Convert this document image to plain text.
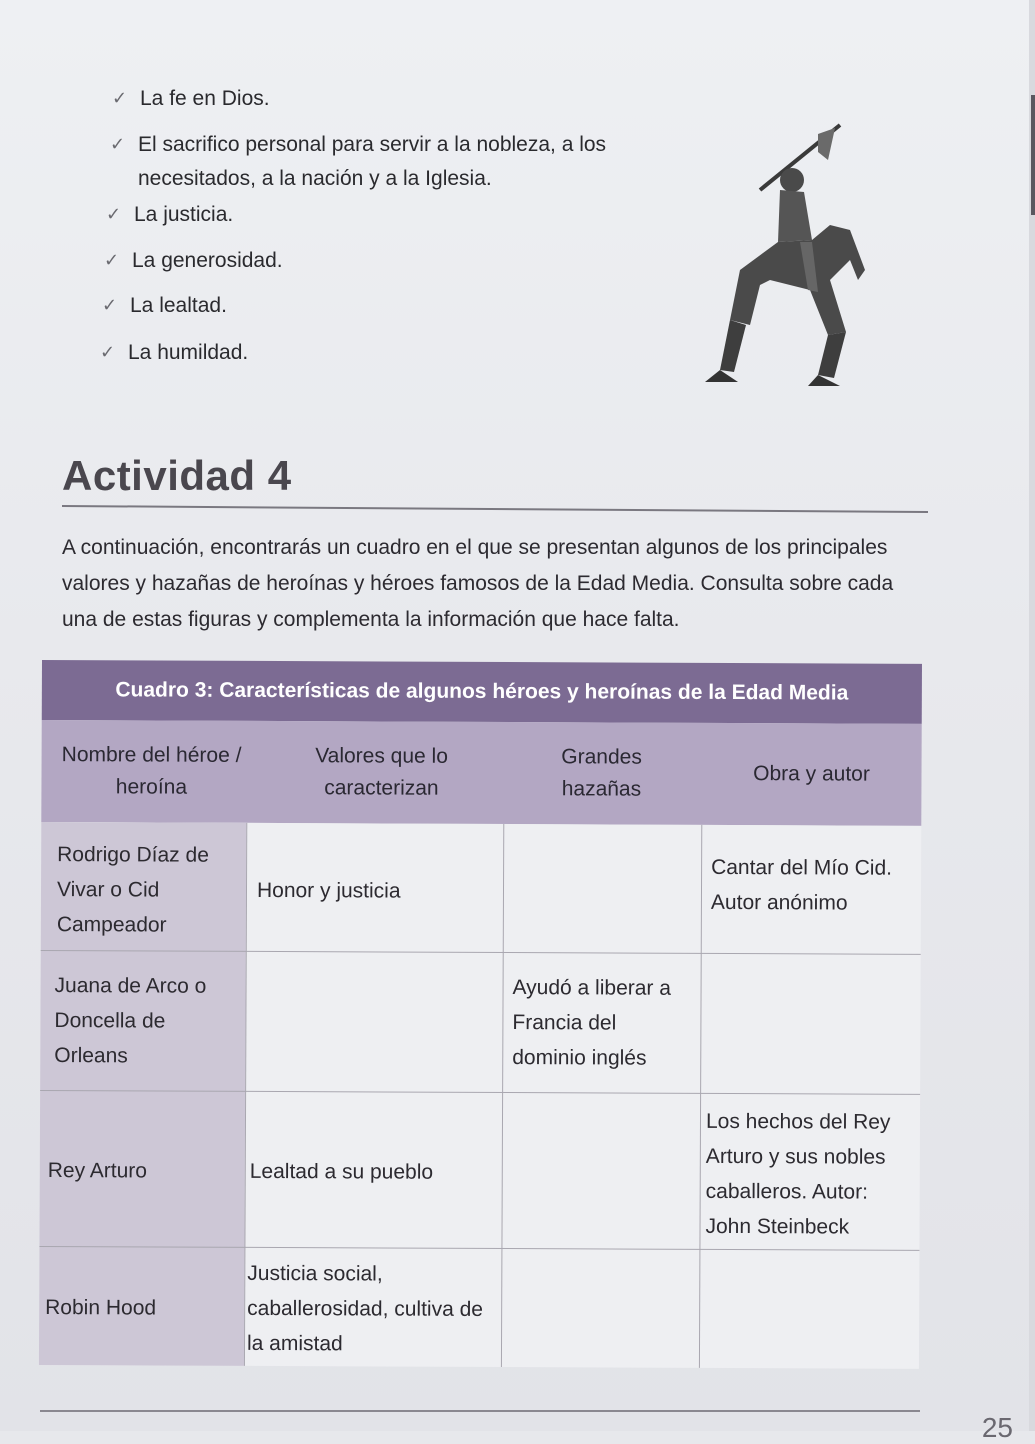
✓ La fe en Dios.
✓ El sacrifico personal para servir a la nobleza, a los necesitados, a la nación y a la Iglesia.
✓ La justicia.
✓ La generosidad.
✓ La lealtad.
✓ La humildad.
Actividad 4
A continuación, encontrarás un cuadro en el que se presentan algunos de los principales valores y hazañas de heroínas y héroes famosos de la Edad Media. Consulta sobre cada una de estas figuras y complementa la información que hace falta.
Cuadro 3: Características de algunos héroes y heroínas de la Edad Media
Nombre del héroe / heroína
Valores que lo caracterizan
Grandes hazañas
Obra y autor
Rodrigo Díaz de Vivar o Cid Campeador
Honor y justicia
Cantar del Mío Cid. Autor anónimo
Juana de Arco o Doncella de Orleans
Ayudó a liberar a Francia del dominio inglés
Rey Arturo	Lealtad a su pueblo
Los hechos del Rey Arturo y sus nobles caballeros. Autor: John Steinbeck
Robin Hood
Justicia social, caballerosidad, cultiva de la amistad
25
